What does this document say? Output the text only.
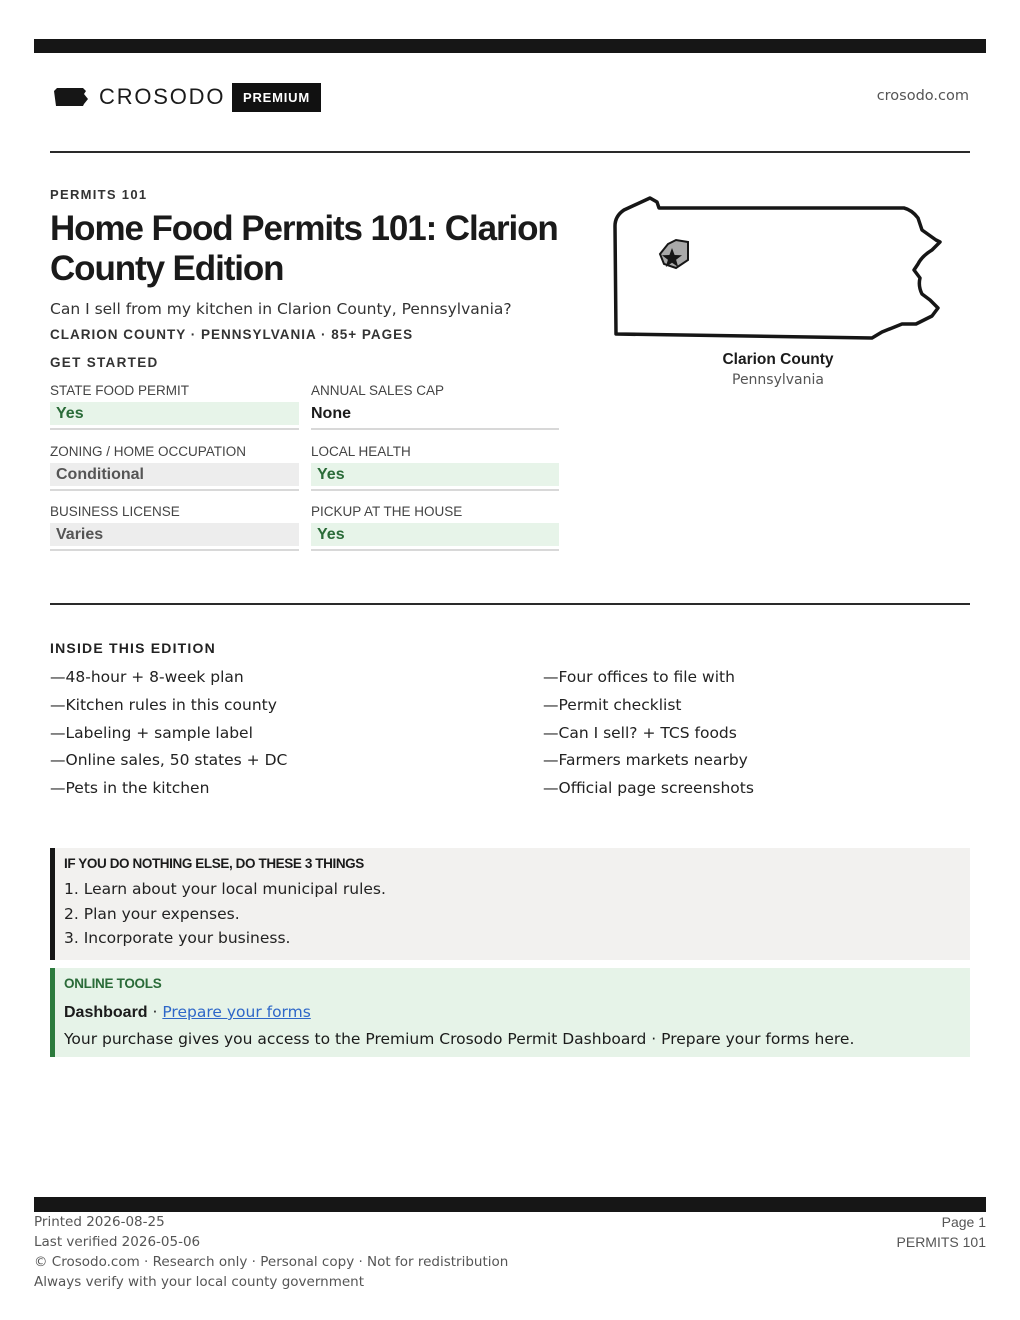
CROSODO	PREMIUM	crosodo.com
PERMITS 101
Home Food Permits 101: Clarion County Edition
Can I sell from my kitchen in Clarion County, Pennsylvania?
CLARION COUNTY · PENNSYLVANIA · 85+ PAGES
GET STARTED
STATE FOOD PERMIT
Yes
ANNUAL SALES CAP
None
ZONING / HOME OCCUPATION
Conditional
LOCAL HEALTH
Yes
BUSINESS LICENSE
Varies
PICKUP AT THE HOUSE
Yes
Clarion County
Pennsylvania
INSIDE THIS EDITION
—48-hour + 8-week plan
—Kitchen rules in this county
—Labeling + sample label
—Online sales, 50 states + DC
—Pets in the kitchen
—Four offices to file with
—Permit checklist
—Can I sell? + TCS foods
—Farmers markets nearby
—Official page screenshots
IF YOU DO NOTHING ELSE, DO THESE 3 THINGS
1. Learn about your local municipal rules.
2. Plan your expenses.
3. Incorporate your business.
ONLINE TOOLS
Dashboard · Prepare your forms
Your purchase gives you access to the Premium Crosodo Permit Dashboard · Prepare your forms here.
Printed 2026-08-25
Last verified 2026-05-06
© Crosodo.com · Research only · Personal copy · Not for redistribution
Always verify with your local county government
Page 1
PERMITS 101
